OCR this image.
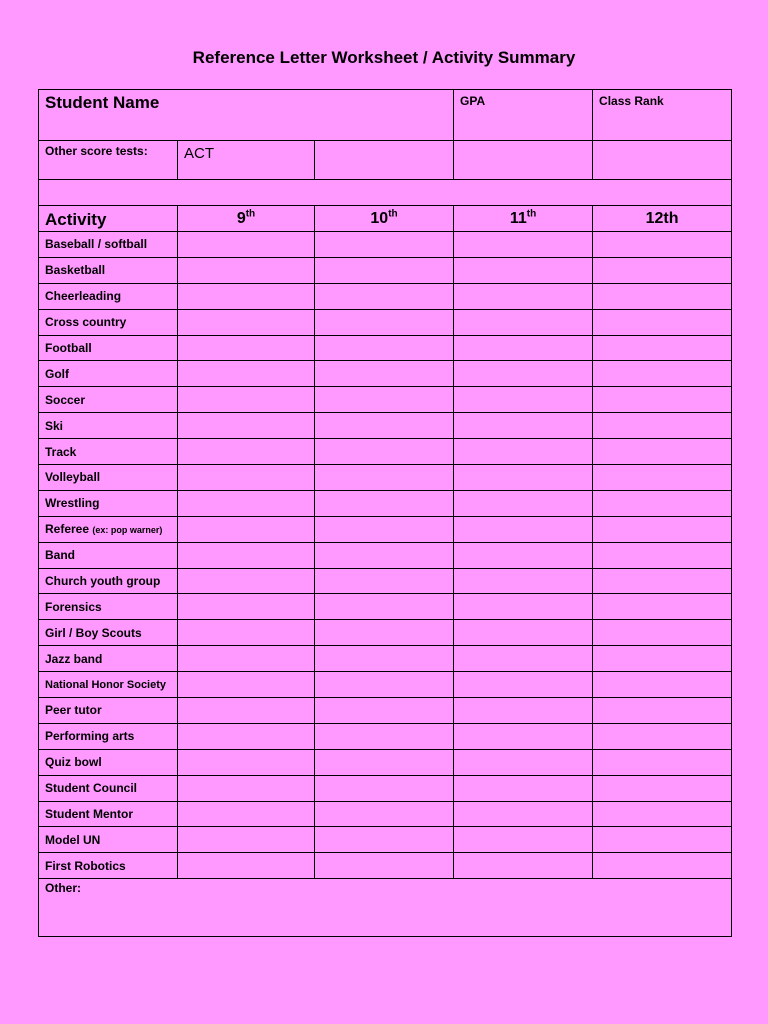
Reference Letter Worksheet / Activity Summary
Student Name			GPA	Class Rank
Other score tests:	ACT			

Activity	9th	10th	11th	12th
Baseball / softball				
Basketball				
Cheerleading				
Cross country				
Football				
Golf				
Soccer				
Ski				
Track				
Volleyball				
Wrestling				
Referee (ex: pop warner)				
Band				
Church youth group				
Forensics				
Girl / Boy Scouts				
Jazz band				
National Honor Society				
Peer tutor				
Performing arts				
Quiz bowl				
Student Council				
Student Mentor				
Model UN				
First Robotics				
Other:				
